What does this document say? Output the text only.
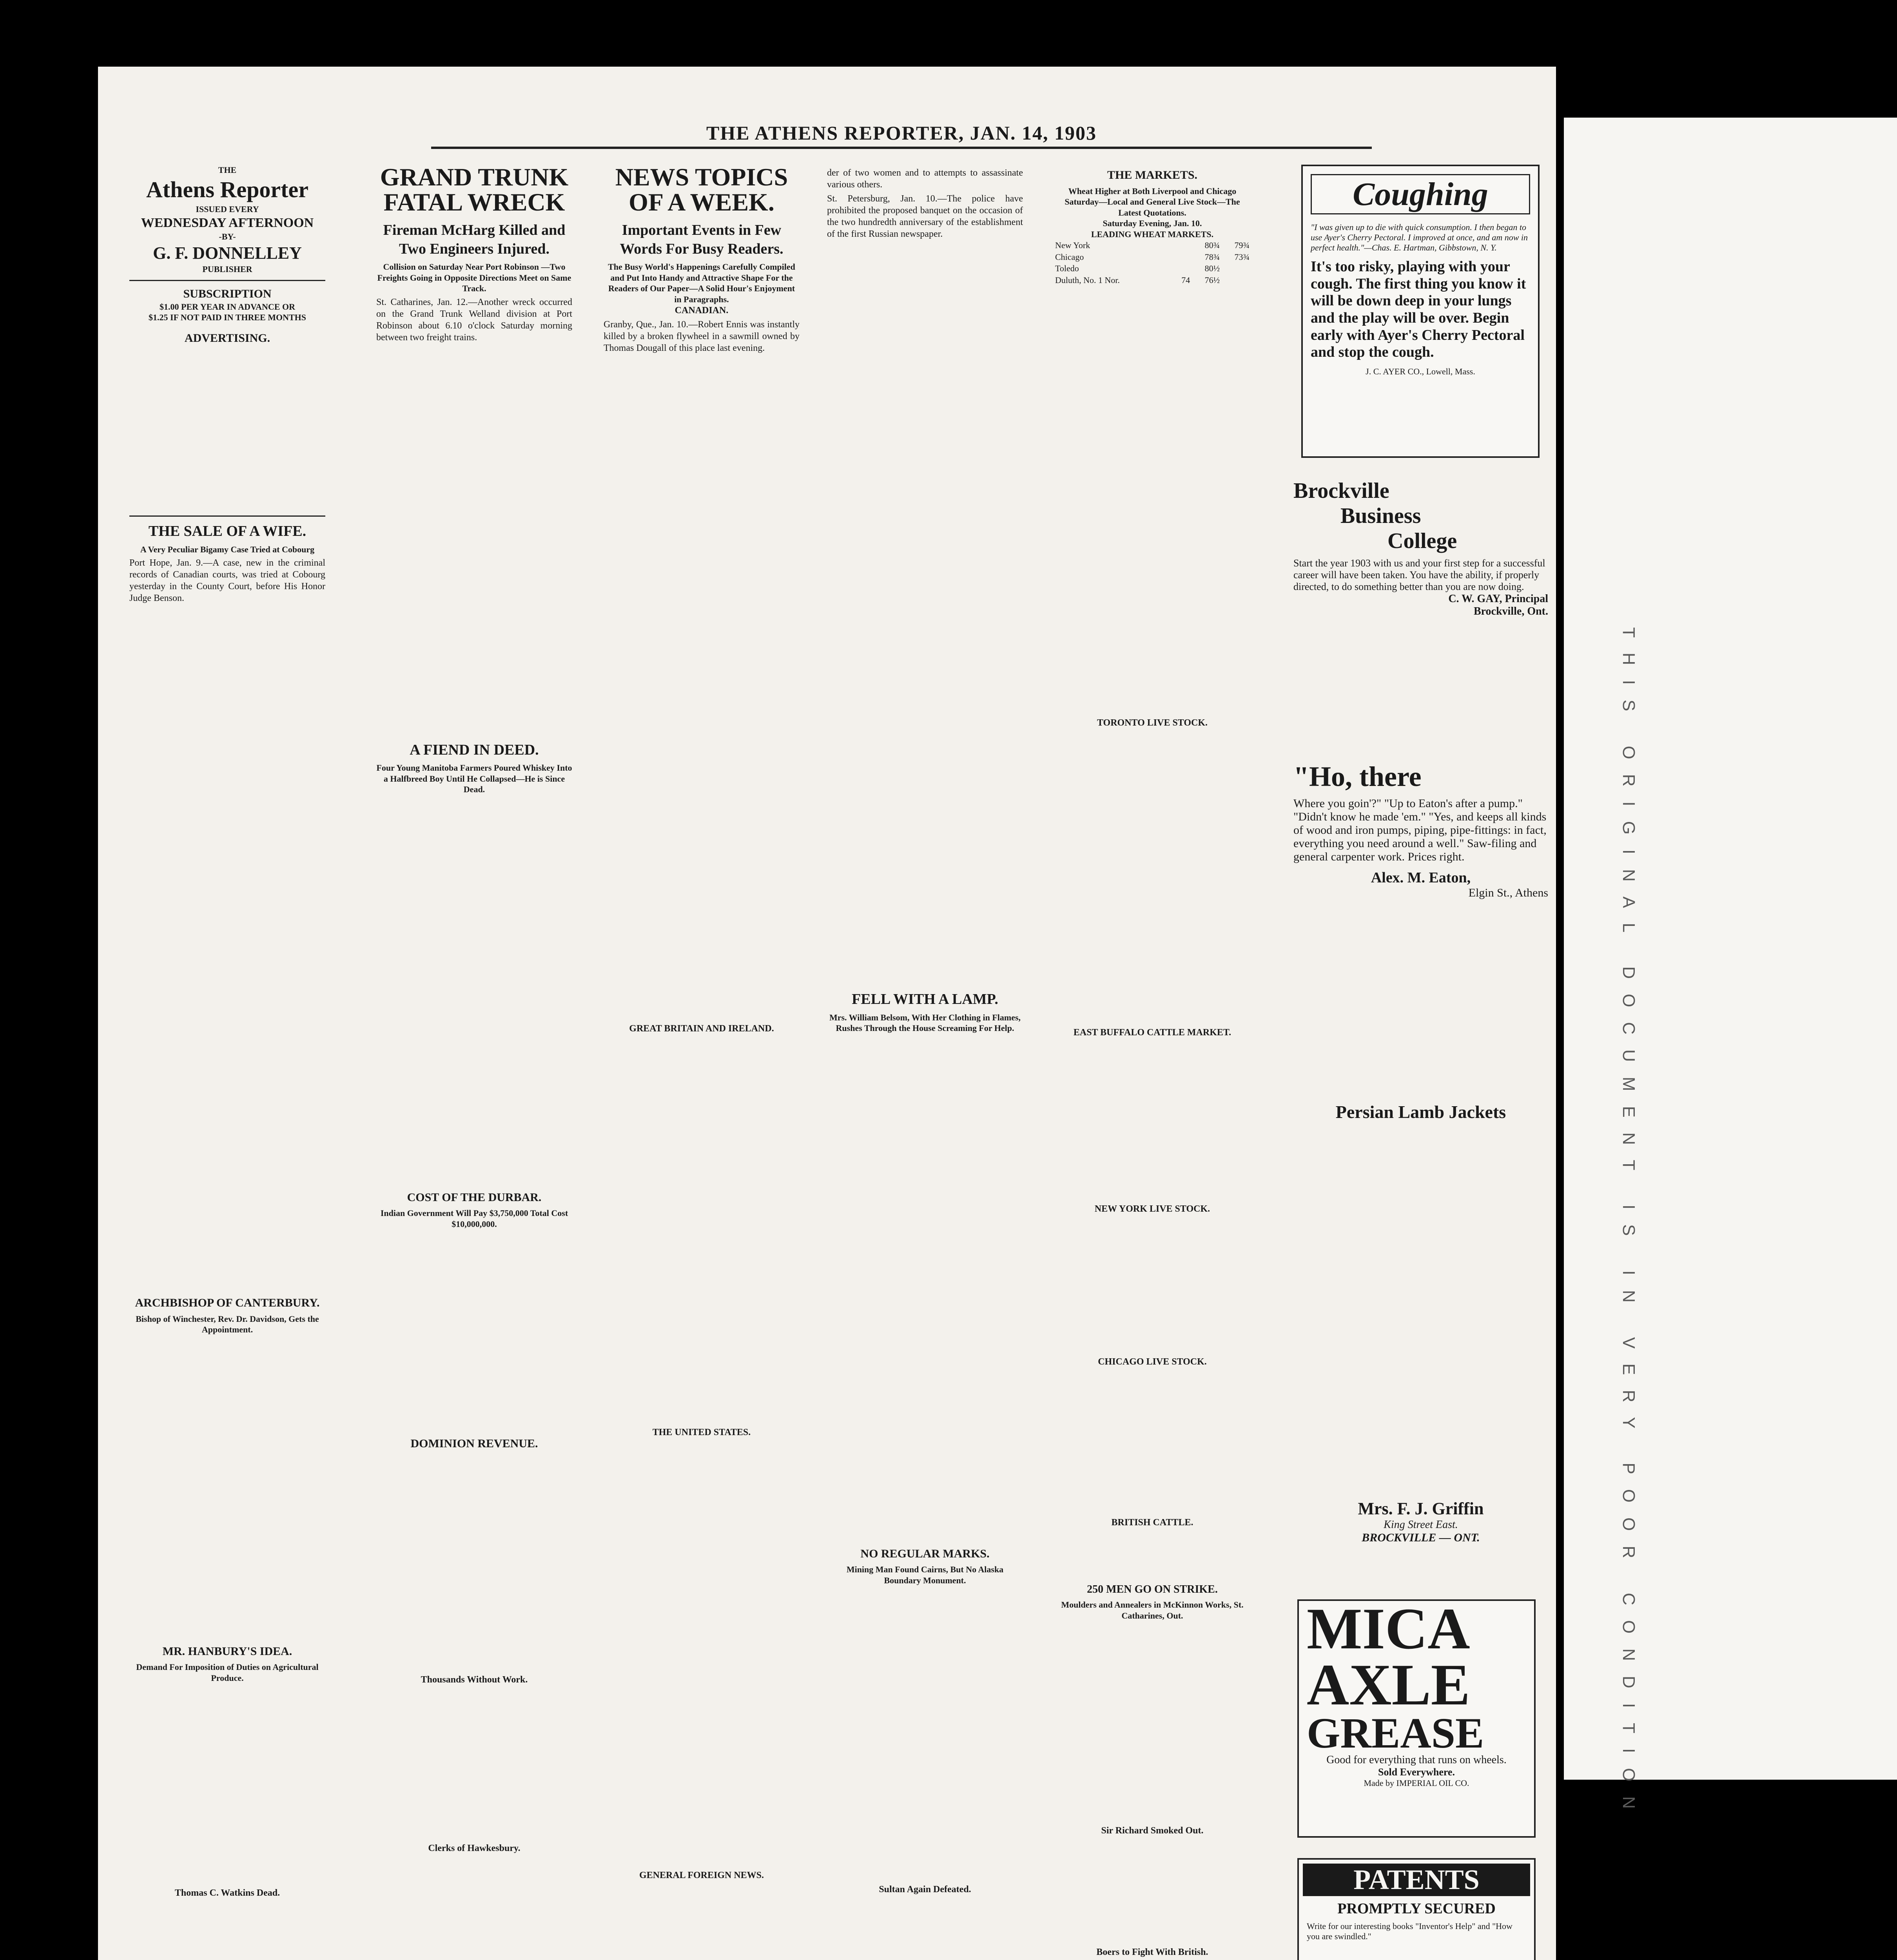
THIS ORIGINAL DOCUMENT IS IN VERY POOR CONDITION
THE ATHENS REPORTER, JAN. 14, 1903
THE
Athens Reporter
ISSUED EVERY
WEDNESDAY AFTERNOON
-BY-
G. F. DONNELLEY
PUBLISHER
SUBSCRIPTION
$1.00 PER YEAR IN ADVANCE OR
$1.25 IF NOT PAID IN THREE MONTHS
ADVERTISING.
THE SALE OF A WIFE.
A Very Peculiar Bigamy Case Tried at Cobourg
Port Hope, Jan. 9.—A case, new in the criminal records of Canadian courts, was tried at Cobourg yesterday in the County Court, before His Honor Judge Benson.
ARCHBISHOP OF CANTERBURY.
Bishop of Winchester, Rev. Dr. Davidson, Gets the Appointment.
MR. HANBURY'S IDEA.
Demand For Imposition of Duties on Agricultural Produce.
Thomas C. Watkins Dead.
GRAND TRUNK FATAL WRECK
Fireman McHarg Killed and Two Engineers Injured.
Collision on Saturday Near Port Robinson —Two Freights Going in Opposite Directions Meet on Same Track.
St. Catharines, Jan. 12.—Another wreck occurred on the Grand Trunk Welland division at Port Robinson about 6.10 o'clock Saturday morning between two freight trains.
A FIEND IN DEED.
Four Young Manitoba Farmers Poured Whiskey Into a Halfbreed Boy Until He Collapsed—He is Since Dead.
COST OF THE DURBAR.
Indian Government Will Pay $3,750,000 Total Cost $10,000,000.
DOMINION REVENUE.
Thousands Without Work.
Clerks of Hawkesbury.
NEWS TOPICS OF A WEEK.
Important Events in Few Words For Busy Readers.
The Busy World's Happenings Carefully Compiled and Put Into Handy and Attractive Shape For the Readers of Our Paper—A Solid Hour's Enjoyment in Paragraphs.
CANADIAN.
Granby, Que., Jan. 10.—Robert Ennis was instantly killed by a broken flywheel in a sawmill owned by Thomas Dougall of this place last evening.
GREAT BRITAIN AND IRELAND.
THE UNITED STATES.
GENERAL FOREIGN NEWS.
der of two women and to attempts to assassinate various others.
St. Petersburg, Jan. 10.—The police have prohibited the proposed banquet on the occasion of the two hundredth anniversary of the establishment of the first Russian newspaper.
FELL WITH A LAMP.
Mrs. William Belsom, With Her Clothing in Flames, Rushes Through the House Screaming For Help.
NO REGULAR MARKS.
Mining Man Found Cairns, But No Alaska Boundary Monument.
Sultan Again Defeated.
THE MARKETS.
Wheat Higher at Both Liverpool and Chicago Saturday—Local and General Live Stock—The Latest Quotations.
Saturday Evening, Jan. 10.
LEADING WHEAT MARKETS.
New York		80¾	79¾
Chicago		78¾	73¾
Toledo		80½	
Duluth, No. 1 Nor.	74	76½	
TORONTO LIVE STOCK.
EAST BUFFALO CATTLE MARKET.
NEW YORK LIVE STOCK.
CHICAGO LIVE STOCK.
BRITISH CATTLE.
250 MEN GO ON STRIKE.
Moulders and Annealers in McKinnon Works, St. Catharines, Out.
Sir Richard Smoked Out.
Boers to Fight With British.
Coughing
"I was given up to die with quick consumption. I then began to use Ayer's Cherry Pectoral. I improved at once, and am now in perfect health."—Chas. E. Hartman, Gibbstown, N. Y.
It's too risky, playing with your cough. The first thing you know it will be down deep in your lungs and the play will be over. Begin early with Ayer's Cherry Pectoral and stop the cough.
J. C. AYER CO., Lowell, Mass.
Brockville
Business
College
Start the year 1903 with us and your first step for a successful career will have been taken. You have the ability, if properly directed, to do something better than you are now doing.
C. W. GAY, Principal
Brockville, Ont.
"Ho, there
Where you goin'?" "Up to Eaton's after a pump." "Didn't know he made 'em." "Yes, and keeps all kinds of wood and iron pumps, piping, pipe-fittings: in fact, everything you need around a well." Saw-filing and general carpenter work. Prices right.
Alex. M. Eaton,
Elgin St., Athens
Persian Lamb Jackets
Mrs. F. J. Griffin
King Street East.
BROCKVILLE — ONT.
MICA
AXLE
GREASE
Good for everything that runs on wheels.
Sold Everywhere.
Made by IMPERIAL OIL CO.
PATENTS
PROMPTLY SECURED
Write for our interesting books "Inventor's Help" and "How you are swindled."
